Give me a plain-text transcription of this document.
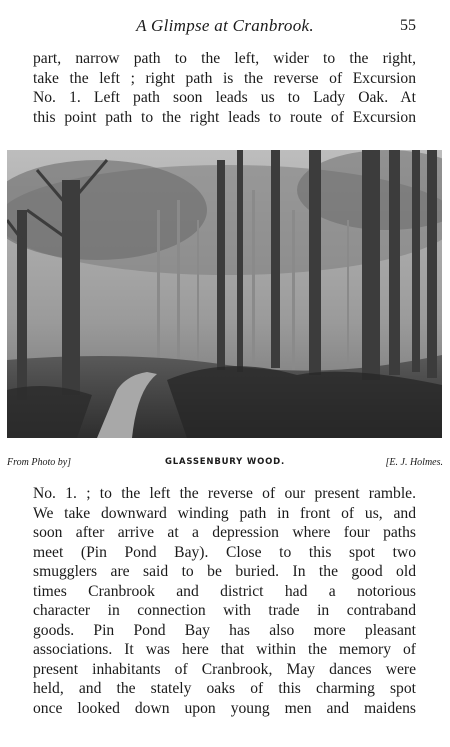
A Glimpse at Cranbrook.	55
part, narrow path to the left, wider to the right,
take the left ; right path is the reverse of Excursion
No. 1. Left path soon leads us to Lady Oak. At
this point path to the right leads to route of Excursion
From Photo by]	GLASSENBURY WOOD.	[E. J. Holmes.
No. 1. ; to the left the reverse of our present ramble.
We take downward winding path in front of us, and
soon after arrive at a depression where four paths
meet (Pin Pond Bay). Close to this spot two
smugglers are said to be buried. In the good old
times Cranbrook and district had a notorious
character in connection with trade in contraband
goods. Pin Pond Bay has also more pleasant
associations. It was here that within the memory of
present inhabitants of Cranbrook, May dances were
held, and the stately oaks of this charming spot
once looked down upon young men and maidens
